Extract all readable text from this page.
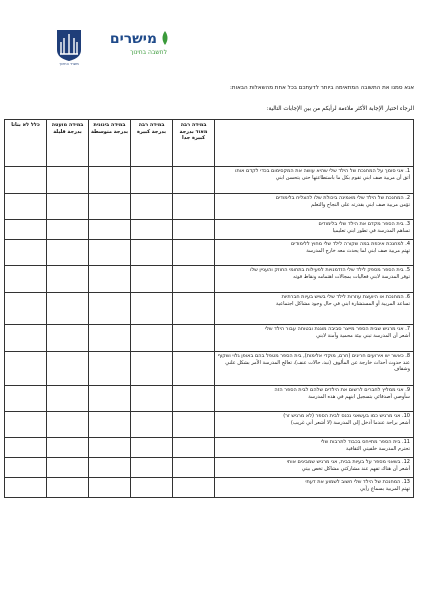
משרד החינוך
מישרים
לחשבה בחינוך
אנא סמנו את התשובה המתאימה ביותר לדעתכם בכל אחת מהשאלות הבאות:
الرجاء اختيار الإجابة الأكثر ملاءمة لرأيكم من بين الإجابات التالية:
	במידה רבה מאוד بدرجة كبيرة جدا	במידה רבה بدرجة كبيرة	במידה בינונית بدرجة متوسطة	במידה מועטה بدرجة قليلة	כלל לא بتاتا
1. אני סומך על המחנכת של הילד שלי שהיא עושה את המקסימום בכדי לקדם אותו
أثق أن مربية صف ابني تقوم بكل ما باستطاعتها حتى يتحسن ابني					
2. המחנכת של הילד שלי מאמינה ביכולת שלו להצליח בלימודים
تؤمن مربية صف ابني بقدرته على النجاح والتعلم					
3. בית הספר מקדם את הילד שלי בלימודים
تساهم المدرسة في تطور ابني تعليميا					
4. למחנכת איכפת במה שקורה לילד שלי מחוץ ללימודים
تهتم مربية صف ابني لما يحدث معه خارج المدرسة					
5. בית הספר מספק לילד שלי הזדמנויות לפעילות בתחומי החוזק והעניין שלו
توفر المدرسة لابني فعاليات بمجالات اهتمامه ونقاط قوته					
6. המחנכת או היועצת עוזרות לילד שלי בשיש בעיות חברתיות
تساعد المربية أو المستشارة ابني في حال وجود مشاكل اجتماعية					
7. אני מרגיש שבית הספר מייצר סביבה מוגנת ובטוחה עבור הילד שלי
أشعر أن المدرسة تبني بيئة محمية وآمنة لابني					
8. כאשר יש אירועים חריגים (חרם, מוקדי אלימות), בית הספר מטפל בהם באופן גלוי ושקוף
عند حدوث أحداث خارجة عن المألوف (نبذ، حالات عنف)، تعالج المدرسة الأمر بشكل علني وشفاف					
9. אני ממליץ לחברים לרשום את הילדים שלהם לבית הספר הזה
سأوصي أصدقائي بتسجيل ابنهم في هذه المدرسة					
10. אני מרגיש כמו בעשאני נכנס לבית הספר (לא מרגיש זר)
أشعر براحة عندما أدخل إلى المدرسة (لا أشعر أني غريب)					
11. בית הספר מתייחס בכבוד לתרבות שלי
تحترم المدرسة خلفيتي الثقافية					
12. בשאני מספר על בעיות בבית, אני מרגיש שמבינים אותי
أشعر أن هناك تفهم عند مشاركتي مشاكل تخص بيتي					
13. המחנכת של הילד שלי חשוב לשמוע את דעתי
تهتم المربية بسماع رأيي					
